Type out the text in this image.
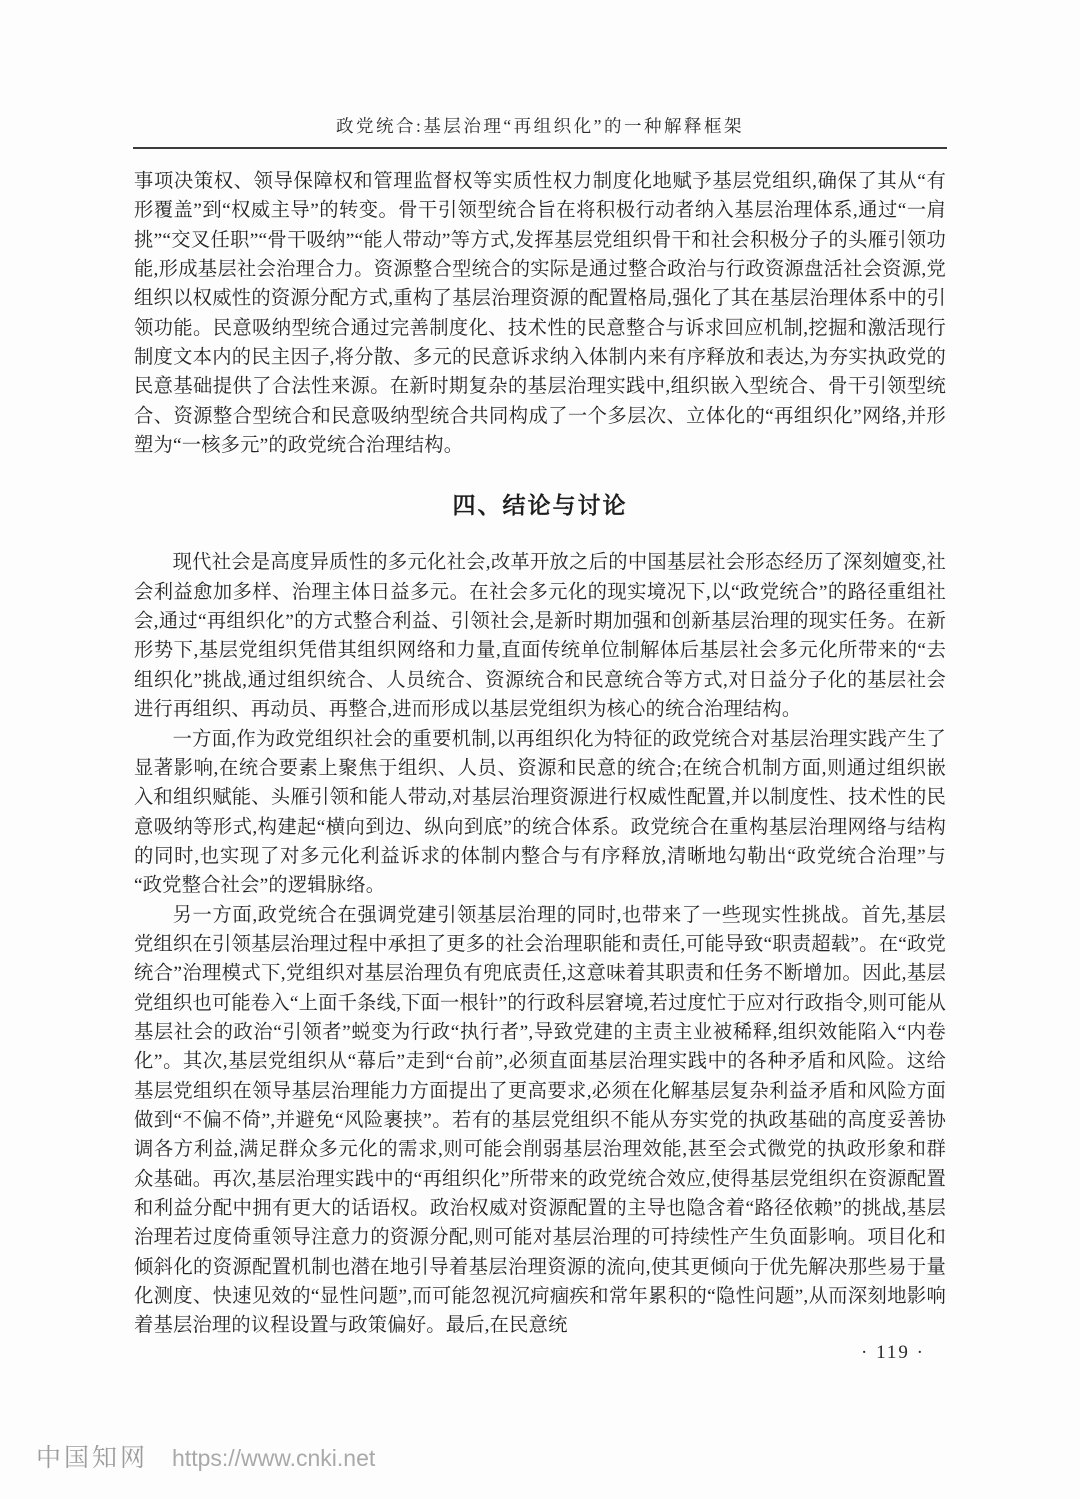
政党统合:基层治理“再组织化”的一种解释框架

事项决策权、领导保障权和管理监督权等实质性权力制度化地赋予基层党组织,确保了其从“有形覆盖”到“权威主导”的转变。骨干引领型统合旨在将积极行动者纳入基层治理体系,通过“一肩挑”“交叉任职”“骨干吸纳”“能人带动”等方式,发挥基层党组织骨干和社会积极分子的头雁引领功能,形成基层社会治理合力。资源整合型统合的实际是通过整合政治与行政资源盘活社会资源,党组织以权威性的资源分配方式,重构了基层治理资源的配置格局,强化了其在基层治理体系中的引领功能。民意吸纳型统合通过完善制度化、技术性的民意整合与诉求回应机制,挖掘和激活现行制度文本内的民主因子,将分散、多元的民意诉求纳入体制内来有序释放和表达,为夯实执政党的民意基础提供了合法性来源。在新时期复杂的基层治理实践中,组织嵌入型统合、骨干引领型统合、资源整合型统合和民意吸纳型统合共同构成了一个多层次、立体化的“再组织化”网络,并形塑为“一核多元”的政党统合治理结构。

四、结论与讨论

现代社会是高度异质性的多元化社会,改革开放之后的中国基层社会形态经历了深刻嬗变,社会利益愈加多样、治理主体日益多元。在社会多元化的现实境况下,以“政党统合”的路径重组社会,通过“再组织化”的方式整合利益、引领社会,是新时期加强和创新基层治理的现实任务。在新形势下,基层党组织凭借其组织网络和力量,直面传统单位制解体后基层社会多元化所带来的“去组织化”挑战,通过组织统合、人员统合、资源统合和民意统合等方式,对日益分子化的基层社会进行再组织、再动员、再整合,进而形成以基层党组织为核心的统合治理结构。

一方面,作为政党组织社会的重要机制,以再组织化为特征的政党统合对基层治理实践产生了显著影响,在统合要素上聚焦于组织、人员、资源和民意的统合;在统合机制方面,则通过组织嵌入和组织赋能、头雁引领和能人带动,对基层治理资源进行权威性配置,并以制度性、技术性的民意吸纳等形式,构建起“横向到边、纵向到底”的统合体系。政党统合在重构基层治理网络与结构的同时,也实现了对多元化利益诉求的体制内整合与有序释放,清晰地勾勒出“政党统合治理”与“政党整合社会”的逻辑脉络。

另一方面,政党统合在强调党建引领基层治理的同时,也带来了一些现实性挑战。首先,基层党组织在引领基层治理过程中承担了更多的社会治理职能和责任,可能导致“职责超载”。在“政党统合”治理模式下,党组织对基层治理负有兜底责任,这意味着其职责和任务不断增加。因此,基层党组织也可能卷入“上面千条线,下面一根针”的行政科层窘境,若过度忙于应对行政指令,则可能从基层社会的政治“引领者”蜕变为行政“执行者”,导致党建的主责主业被稀释,组织效能陷入“内卷化”。其次,基层党组织从“幕后”走到“台前”,必须直面基层治理实践中的各种矛盾和风险。这给基层党组织在领导基层治理能力方面提出了更高要求,必须在化解基层复杂利益矛盾和风险方面做到“不偏不倚”,并避免“风险裹挟”。若有的基层党组织不能从夯实党的执政基础的高度妥善协调各方利益,满足群众多元化的需求,则可能会削弱基层治理效能,甚至会式微党的执政形象和群众基础。再次,基层治理实践中的“再组织化”所带来的政党统合效应,使得基层党组织在资源配置和利益分配中拥有更大的话语权。政治权威对资源配置的主导也隐含着“路径依赖”的挑战,基层治理若过度倚重领导注意力的资源分配,则可能对基层治理的可持续性产生负面影响。项目化和倾斜化的资源配置机制也潜在地引导着基层治理资源的流向,使其更倾向于优先解决那些易于量化测度、快速见效的“显性问题”,而可能忽视沉疴痼疾和常年累积的“隐性问题”,从而深刻地影响着基层治理的议程设置与政策偏好。最后,在民意统

· 119 ·
中国知网 https://www.cnki.net
